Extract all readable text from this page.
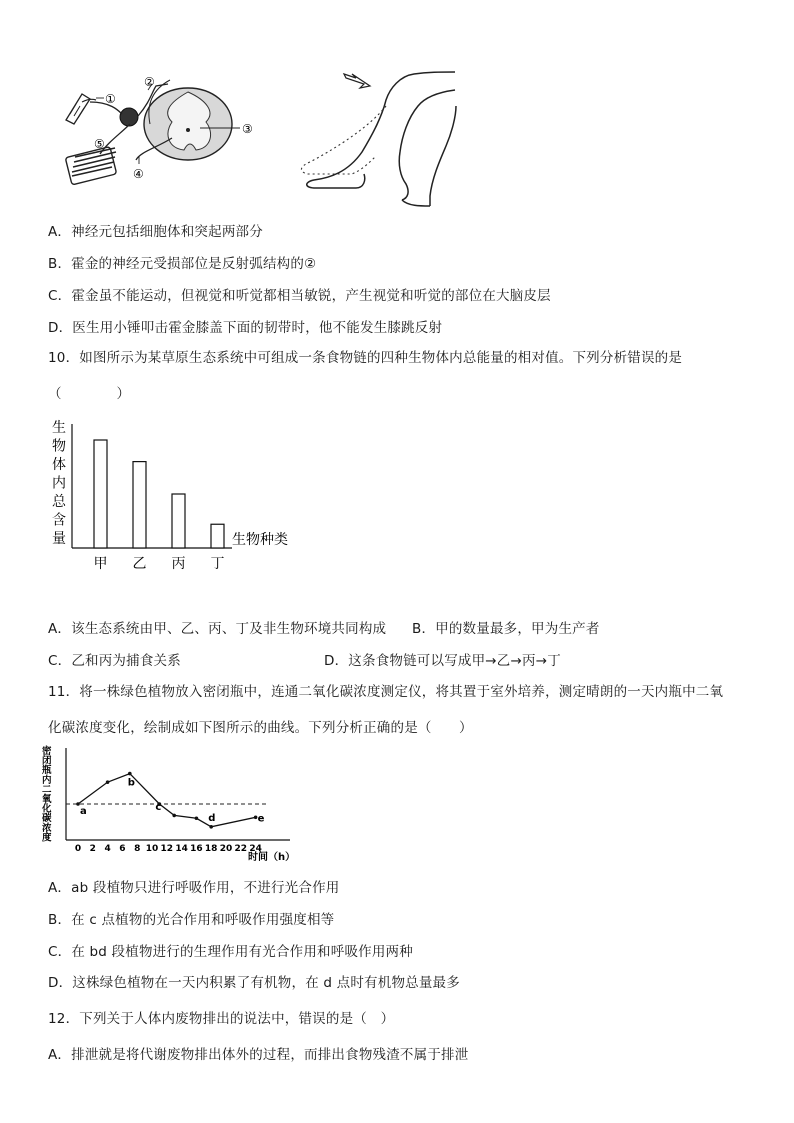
①
②
③
④
⑤
A．神经元包括细胞体和突起两部分
B．霍金的神经元受损部位是反射弧结构的②
C．霍金虽不能运动，但视觉和听觉都相当敏锐，产生视觉和听觉的部位在大脑皮层
D．医生用小锤叩击霍金膝盖下面的韧带时，他不能发生膝跳反射
10．如图所示为某草原生态系统中可组成一条食物链的四种生物体内总能量的相对值。下列分析错误的是
（　　　　）
生物体内总含量	生物种类
甲 乙 丙 丁
A．该生态系统由甲、乙、丙、丁及非生物环境共同构成 B．甲的数量最多，甲为生产者
C．乙和丙为捕食关系	D．这条食物链可以写成甲→乙→丙→丁
11．将一株绿色植物放入密闭瓶中，连通二氧化碳浓度测定仪，将其置于室外培养，测定晴朗的一天内瓶中二氧
化碳浓度变化，绘制成如下图所示的曲线。下列分析正确的是（　　）
密闭瓶内二氧化碳浓度
0 2 4 6 8 10 12 14 16 18 20 22 24
时间（h）
a
b
c
d	e
A．ab 段植物只进行呼吸作用，不进行光合作用
B．在 c 点植物的光合作用和呼吸作用强度相等
C．在 bd 段植物进行的生理作用有光合作用和呼吸作用两种
D．这株绿色植物在一天内积累了有机物，在 d 点时有机物总量最多
12．下列关于人体内废物排出的说法中，错误的是（　）
A．排泄就是将代谢废物排出体外的过程，而排出食物残渣不属于排泄
